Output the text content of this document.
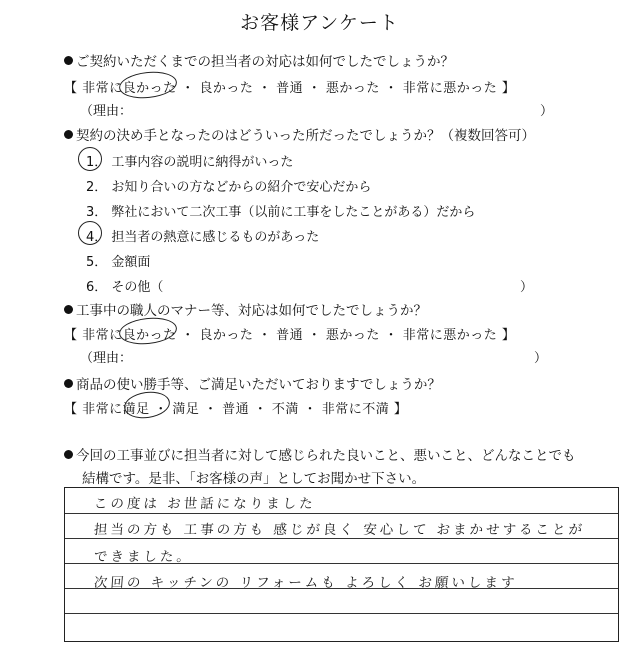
お客様アンケート
ご契約いただくまでの担当者の対応は如何でしたでしょうか？
【 非常に良かった ・ 良かった ・ 普通 ・ 悪かった ・ 非常に悪かった 】
（理由：	）
契約の決め手となったのはどういった所だったでしょうか？（複数回答可）
1． 工事内容の説明に納得がいった
2． お知り合いの方などからの紹介で安心だから
3． 弊社において二次工事（以前に工事をしたことがある）だから
4． 担当者の熱意に感じるものがあった
5． 金額面
6． その他（	）
工事中の職人のマナー等、対応は如何でしたでしょうか？
【 非常に良かった ・ 良かった ・ 普通 ・ 悪かった ・ 非常に悪かった 】
（理由：	）
商品の使い勝手等、ご満足いただいておりますでしょうか？
【 非常に満足 ・ 満足 ・ 普通 ・ 不満 ・ 非常に不満 】
今回の工事並びに担当者に対して感じられた良いこと、悪いこと、どんなことでも
結構です。是非、「お客様の声」としてお聞かせ下さい。
この度は お世話になりました
担当の方も 工事の方も 感じが良く 安心して おまかせすることが
できました。
次回の キッチンの リフォームも よろしく お願いします
